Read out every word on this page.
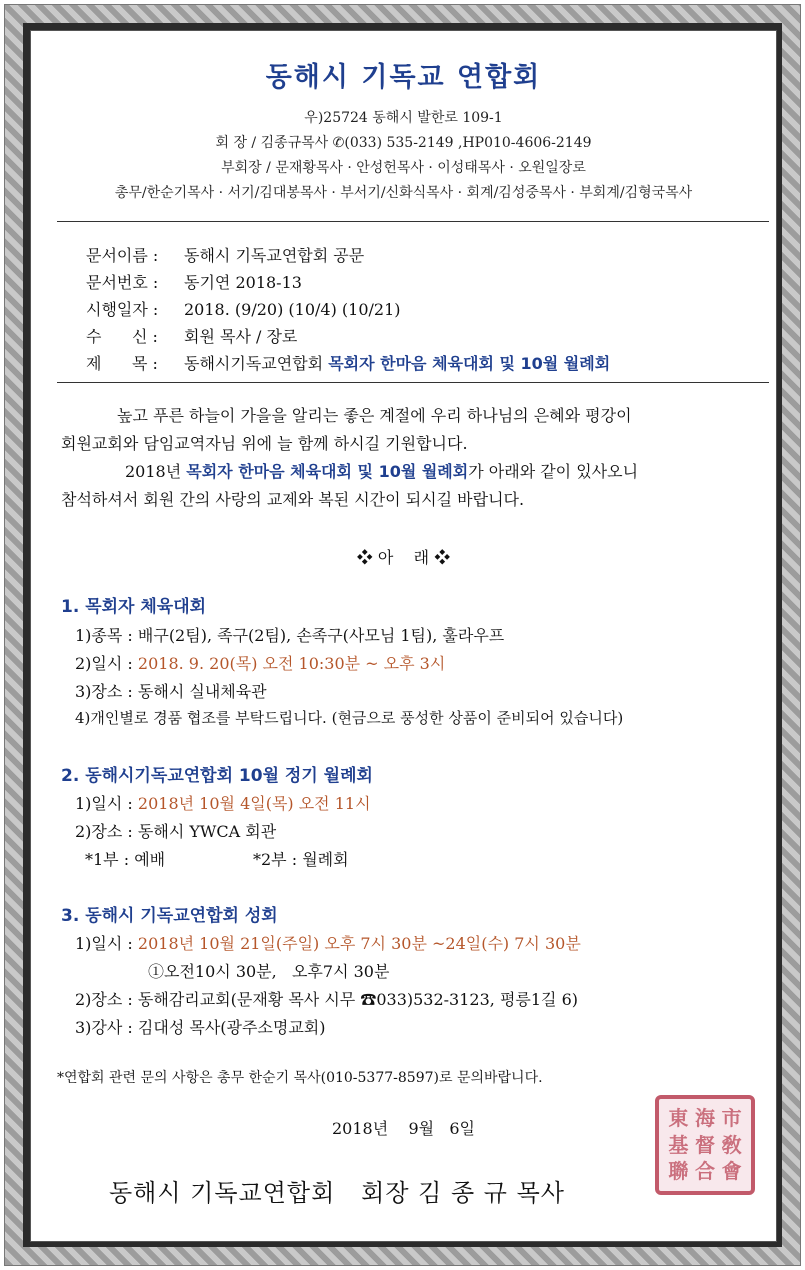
동해시 기독교 연합회
우)25724 동해시 발한로 109-1
회 장 / 김종규목사 ✆(033) 535-2149 ,HP010-4606-2149
부회장 / 문재황목사 · 안성헌목사 · 이성태목사 · 오원일장로
총무/한순기목사 · 서기/김대봉목사 · 부서기/신화식목사 · 회계/김성중목사 · 부회계/김형국목사
문서이름 : 동해시 기독교연합회 공문
문서번호 : 동기연 2018-13
시행일자 : 2018. (9/20) (10/4) (10/21)
수      신 : 회원 목사 / 장로
제      목 : 동해시기독교연합회 목회자 한마음 체육대회 및 10월 월례회
높고 푸른 하늘이 가을을 알리는 좋은 계절에 우리 하나님의 은혜와 평강이
회원교회와 담임교역자님 위에 늘 함께 하시길 기원합니다.
2018년 목회자 한마음 체육대회 및 10월 월례회가 아래와 같이 있사오니
참석하셔서 회원 간의 사랑의 교제와 복된 시간이 되시길 바랍니다.
❖ 아    래 ❖
1. 목회자 체육대회
1)종목 : 배구(2팀), 족구(2팀), 손족구(사모님 1팀), 훌라우프
2)일시 : 2018. 9. 20(목) 오전 10:30분 ~ 오후 3시
3)장소 : 동해시 실내체육관
4)개인별로 경품 협조를 부탁드립니다. (현금으로 풍성한 상품이 준비되어 있습니다)
2. 동해시기독교연합회 10월 정기 월례회
1)일시 : 2018년 10월 4일(목) 오전 11시
2)장소 : 동해시 YWCA 회관
*1부 : 예배	*2부 : 월례회
3. 동해시 기독교연합회 성회
1)일시 : 2018년 10월 21일(주일) 오후 7시 30분 ~24일(수) 7시 30분
①오전10시 30분,   오후7시 30분
2)장소 : 동해감리교회(문재황 목사 시무 ☎033)532-3123, 평릉1길 6)
3)강사 : 김대성 목사(광주소명교회)
*연합회 관련 문의 사항은 총무 한순기 목사(010-5377-8597)로 문의바랍니다.
2018년    9월   6일
동해시 기독교연합회   회장 김 종 규 목사
東 海 市
基 督 敎
聯 合 會
